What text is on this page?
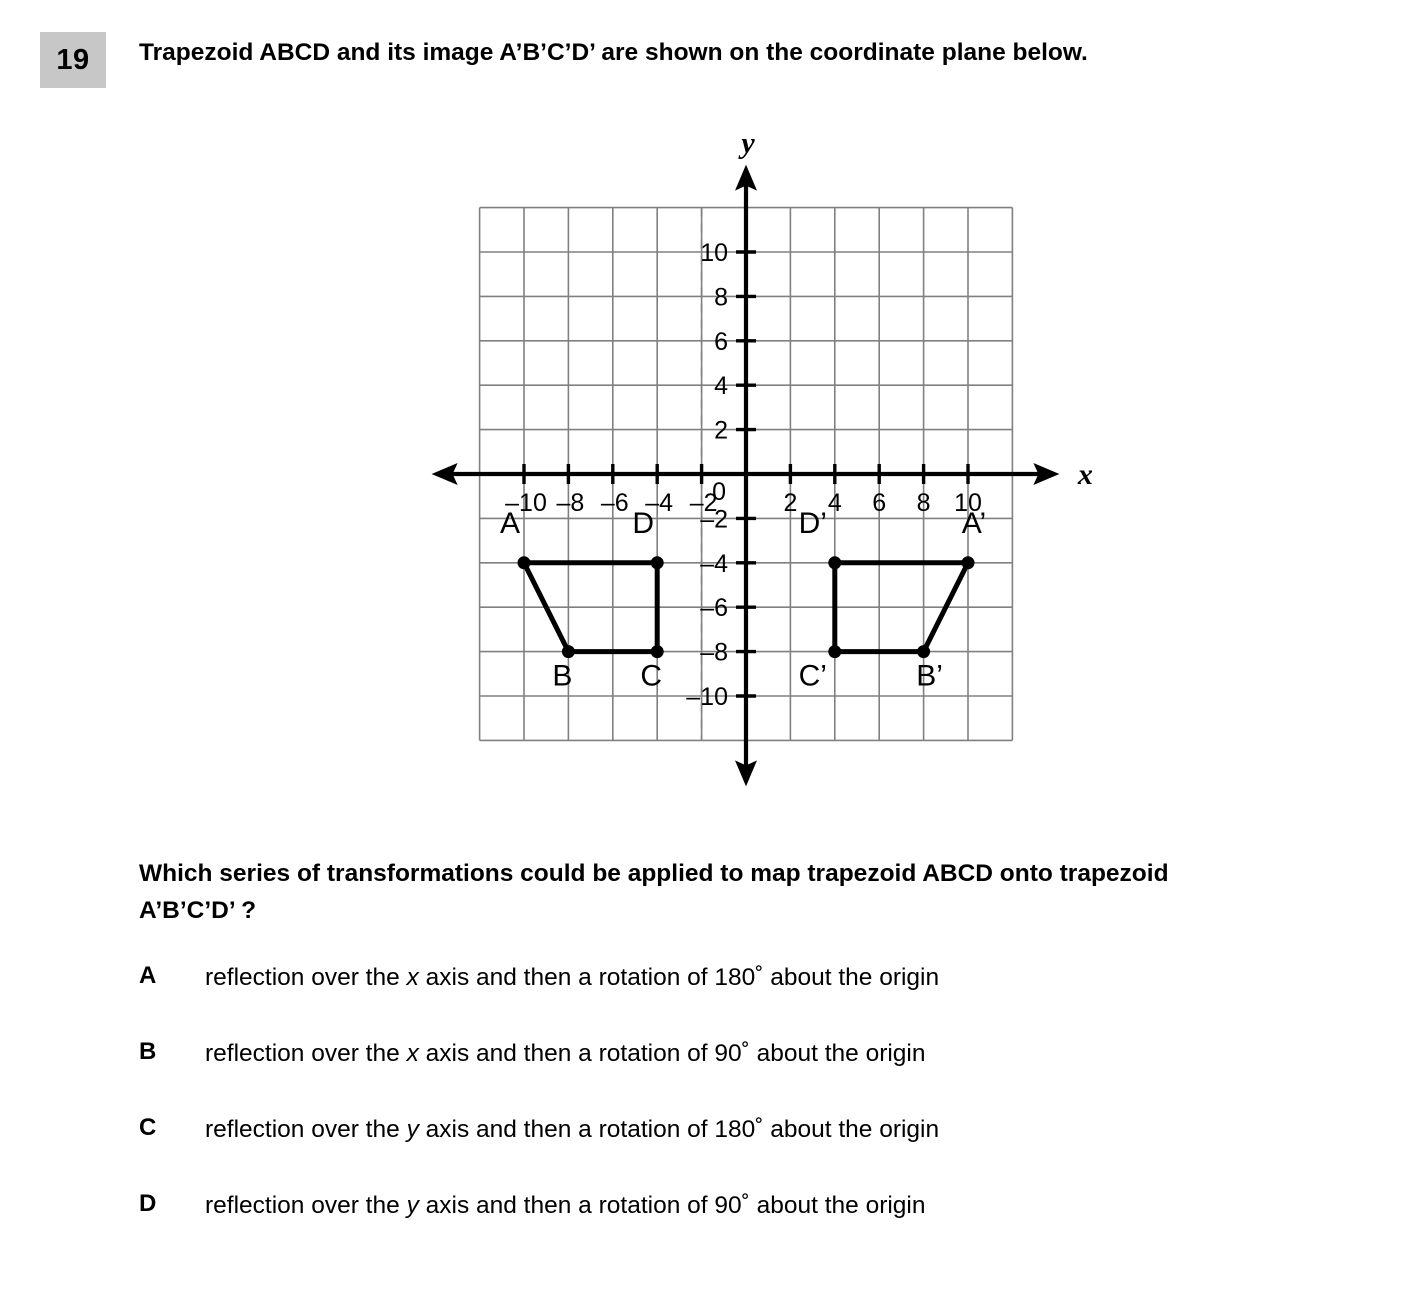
19	Trapezoid ABCD and its image A’B’C’D’ are shown on the coordinate plane below.
–10 –8 –6 –4 –2	2 4 6 8 10
10
8
6
4
2
–2
–4
–6
–8
–10
0
A
B C
D	A’
B’
C’
D’
x
y
Which series of transformations could be applied to map trapezoid ABCD onto trapezoid A’B’C’D’ ?
A	reflection over the x axis and then a rotation of 180˚ about the origin
B	reflection over the x axis and then a rotation of 90˚ about the origin
C	reflection over the y axis and then a rotation of 180˚ about the origin
D	reflection over the y axis and then a rotation of 90˚ about the origin
